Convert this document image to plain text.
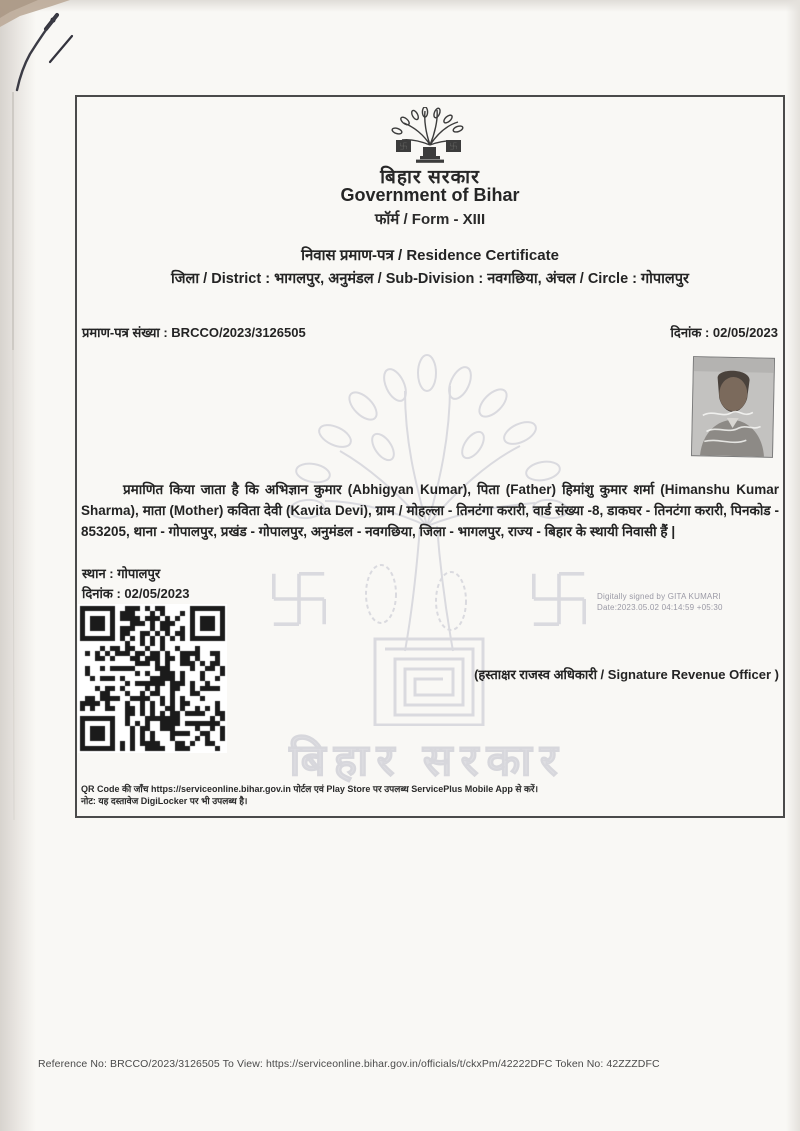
बिहार सरकार
बिहार सरकार
Government of Bihar
फॉर्म / Form - XIII
निवास प्रमाण-पत्र / Residence Certificate
जिला / District : भागलपुर, अनुमंडल / Sub-Division : नवगछिया, अंचल / Circle : गोपालपुर
प्रमाण-पत्र संख्या : BRCCO/2023/3126505	दिनांक : 02/05/2023
प्रमाणित किया जाता है कि अभिज्ञान कुमार (Abhigyan Kumar), पिता (Father) हिमांशु कुमार शर्मा (Himanshu Kumar Sharma), माता (Mother) कविता देवी (Kavita Devi), ग्राम / मोहल्ला - तिनटंगा करारी, वार्ड संख्या -8, डाकघर - तिनटंगा करारी, पिनकोड - 853205, थाना - गोपालपुर, प्रखंड - गोपालपुर, अनुमंडल - नवगछिया, जिला - भागलपुर, राज्य - बिहार के स्थायी निवासी हैं |
स्थान : गोपालपुर
दिनांक : 02/05/2023	Digitally signed by GITA KUMARI
Date:2023.05.02 04:14:59 +05:30
(हस्ताक्षर राजस्व अधिकारी / Signature Revenue Officer )
QR Code की जाँच https://serviceonline.bihar.gov.in पोर्टल एवं Play Store पर उपलब्ध ServicePlus Mobile App से करें।
नोट: यह दस्तावेज DigiLocker पर भी उपलब्ध है।
Reference No: BRCCO/2023/3126505 To View: https://serviceonline.bihar.gov.in/officials/t/ckxPm/42222DFC Token No: 42ZZZDFC
